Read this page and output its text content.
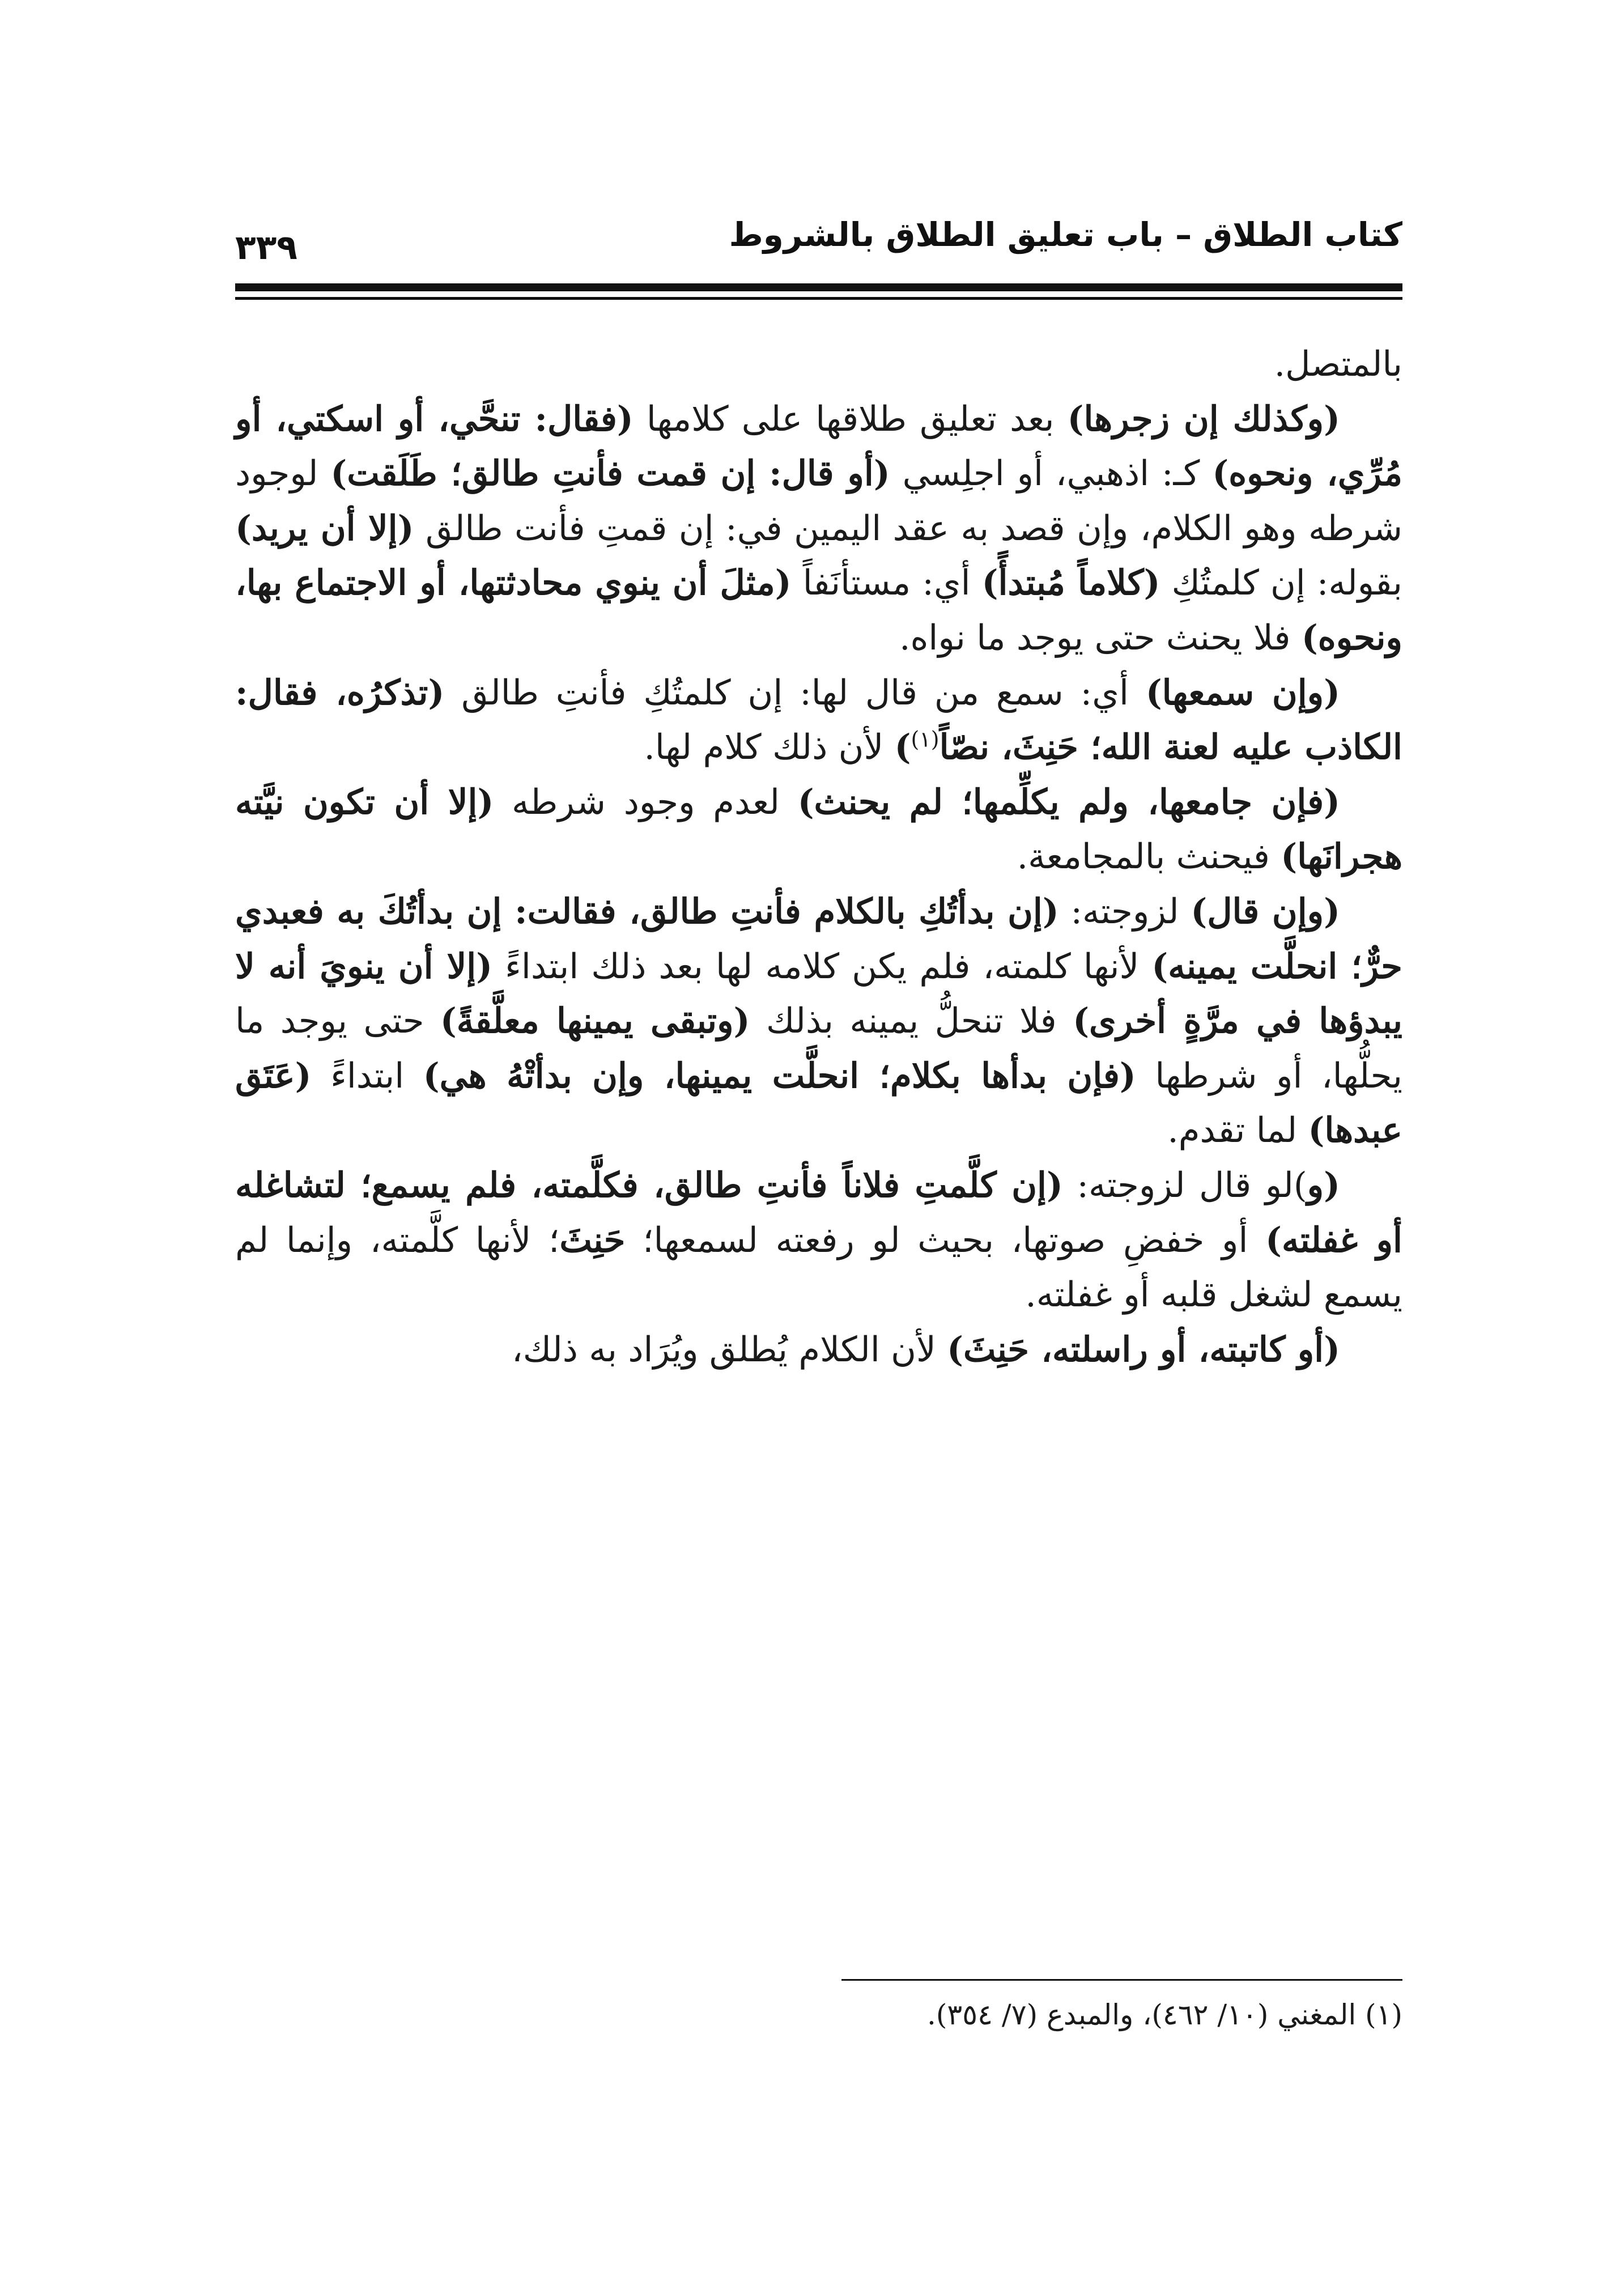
كتاب الطلاق – باب تعليق الطلاق بالشروط
٣٣٩

بالمتصل.

(وكذلك إن زجرها) بعد تعليق طلاقها على كلامها (فقال: تنحَّي، أو اسكتي، أو مُرِّي، ونحوه) كـ: اذهبي، أو اجلِسي (أو قال: إن قمت فأنتِ طالق؛ طَلَقت) لوجود شرطه وهو الكلام، وإن قصد به عقد اليمين في: إن قمتِ فأنت طالق (إلا أن يريد) بقوله: إن كلمتُكِ (كلاماً مُبتدأً) أي: مستأنَفاً (مثلَ أن ينوي محادثتها، أو الاجتماع بها، ونحوه) فلا يحنث حتى يوجد ما نواه.

(وإن سمعها) أي: سمع من قال لها: إن كلمتُكِ فأنتِ طالق (تذكرُه، فقال: الكاذب عليه لعنة الله؛ حَنِثَ، نصّاً$^{(١)}$) لأن ذلك كلام لها.

(فإن جامعها، ولم يكلِّمها؛ لم يحنث) لعدم وجود شرطه (إلا أن تكون نيَّته هجرانَها) فيحنث بالمجامعة.

(وإن قال) لزوجته: (إن بدأتُكِ بالكلام فأنتِ طالق، فقالت: إن بدأتُكَ به فعبدي حرٌّ؛ انحلَّت يمينه) لأنها كلمته، فلم يكن كلامه لها بعد ذلك ابتداءً (إلا أن ينويَ أنه لا يبدؤها في مرَّةٍ أخرى) فلا تنحلُّ يمينه بذلك (وتبقى يمينها معلَّقةً) حتى يوجد ما يحلُّها، أو شرطها (فإن بدأها بكلام؛ انحلَّت يمينها، وإن بدأتْهُ هي) ابتداءً (عَتَق عبدها) لما تقدم.

(و)لو قال لزوجته: (إن كلَّمتِ فلاناً فأنتِ طالق، فكلَّمته، فلم يسمع؛ لتشاغله أو غفلته) أو خفضِ صوتها، بحيث لو رفعته لسمعها؛ حَنِثَ؛ لأنها كلَّمته، وإنما لم يسمع لشغل قلبه أو غفلته.

(أو كاتبته، أو راسلته، حَنِثَ) لأن الكلام يُطلق ويُرَاد به ذلك،

(١) المغني (١٠/ ٤٦٢)، والمبدع (٧/ ٣٥٤).
